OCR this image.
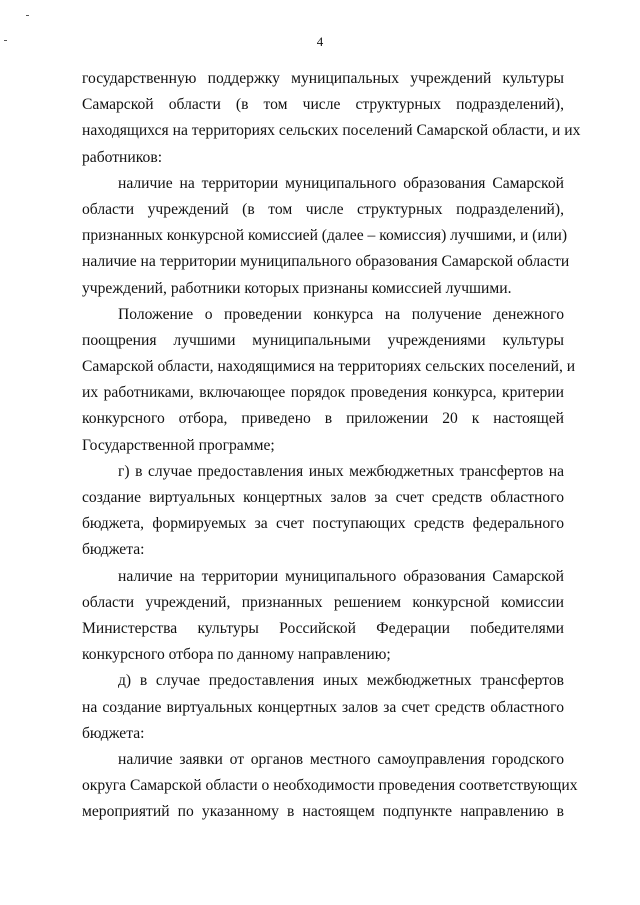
4

государственную поддержку муниципальных учреждений культуры
Самарской области (в том числе структурных подразделений),
находящихся на территориях сельских поселений Самарской области, и их
работников:

наличие на территории муниципального образования Самарской
области учреждений (в том числе структурных подразделений),
признанных конкурсной комиссией (далее – комиссия) лучшими, и (или)
наличие на территории муниципального образования Самарской области
учреждений, работники которых признаны комиссией лучшими.

Положение о проведении конкурса на получение денежного
поощрения лучшими муниципальными учреждениями культуры
Самарской области, находящимися на территориях сельских поселений, и
их работниками, включающее порядок проведения конкурса, критерии
конкурсного отбора, приведено в приложении 20 к настоящей
Государственной программе;

г) в случае предоставления иных межбюджетных трансфертов на
создание виртуальных концертных залов за счет средств областного
бюджета, формируемых за счет поступающих средств федерального
бюджета:

наличие на территории муниципального образования Самарской
области учреждений, признанных решением конкурсной комиссии
Министерства культуры Российской Федерации победителями
конкурсного отбора по данному направлению;

д) в случае предоставления иных межбюджетных трансфертов
на создание виртуальных концертных залов за счет средств областного
бюджета:

наличие заявки от органов местного самоуправления городского
округа Самарской области о необходимости проведения соответствующих
мероприятий по указанному в настоящем подпункте направлению в
